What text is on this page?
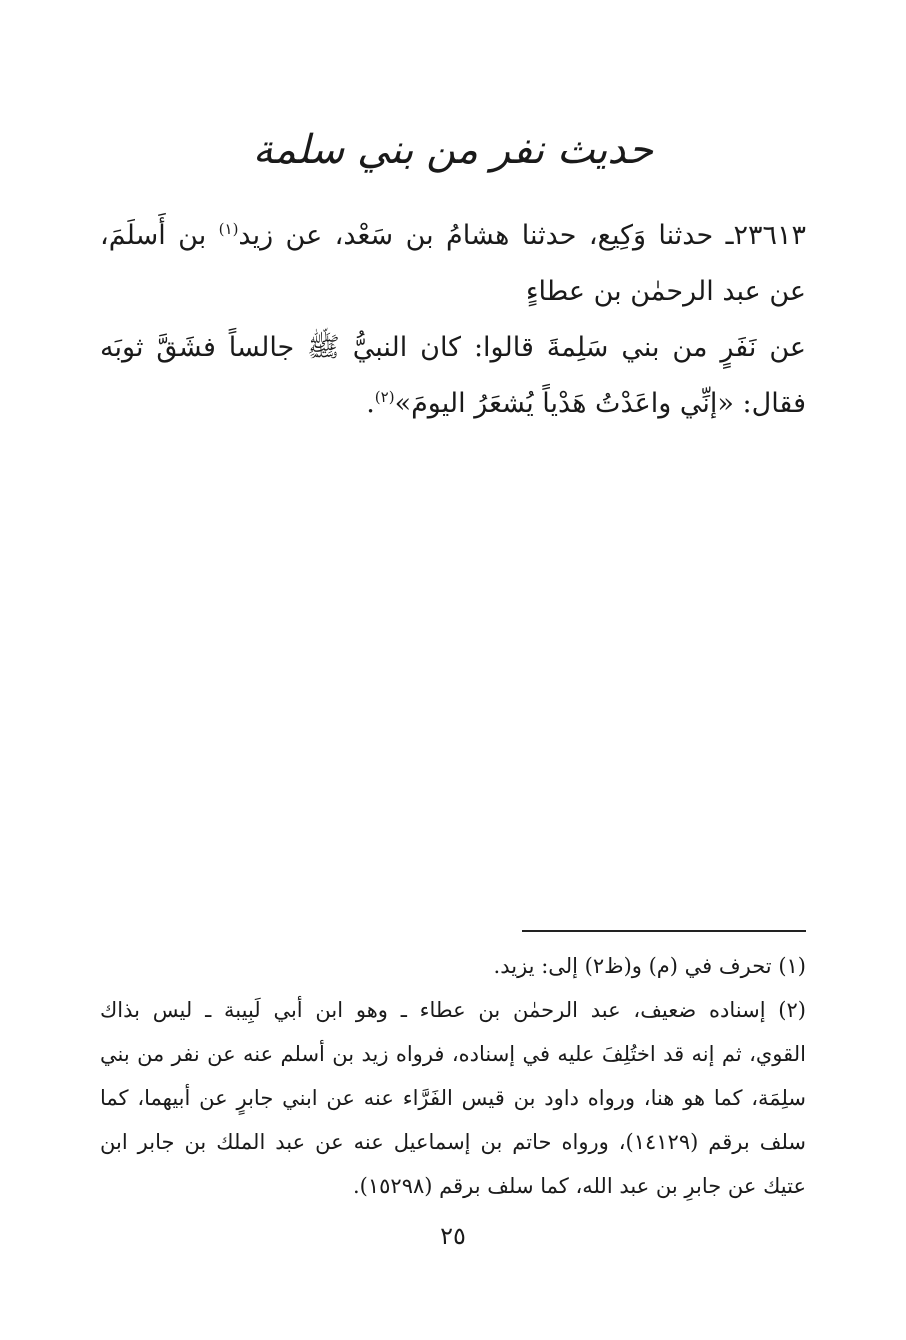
حديث نفر من بني سلمة
٢٣٦١٣ـ حدثنا وَكِيع، حدثنا هشامُ بن سَعْد، عن زيد$^{(١)}$ بن أَسلَمَ،
عن عبد الرحمٰن بن عطاءٍ
عن نَفَرٍ من بني سَلِمةَ قالوا: كان النبيُّ ﷺ جالساً فشَقَّ ثوبَه
فقال: «إنِّي واعَدْتُ هَدْياً يُشعَرُ اليومَ»$^{(٢)}$.
(١) تحرف في (م) و(ظ٢) إلى: يزيد.
(٢) إسناده ضعيف، عبد الرحمٰن بن عطاء ـ وهو ابن أبي لَبِيبة ـ ليس بذاك
القوي، ثم إنه قد اختُلِفَ عليه في إسناده، فرواه زيد بن أسلم عنه عن نفر من بني
سلِمَة، كما هو هنا، ورواه داود بن قيس الفَرَّاء عنه عن ابني جابرٍ عن أبيهما، كما
سلف برقم (١٤١٢٩)، ورواه حاتم بن إسماعيل عنه عن عبد الملك بن جابر ابن
عتيك عن جابرِ بن عبد الله، كما سلف برقم (١٥٢٩٨).
٢٥
